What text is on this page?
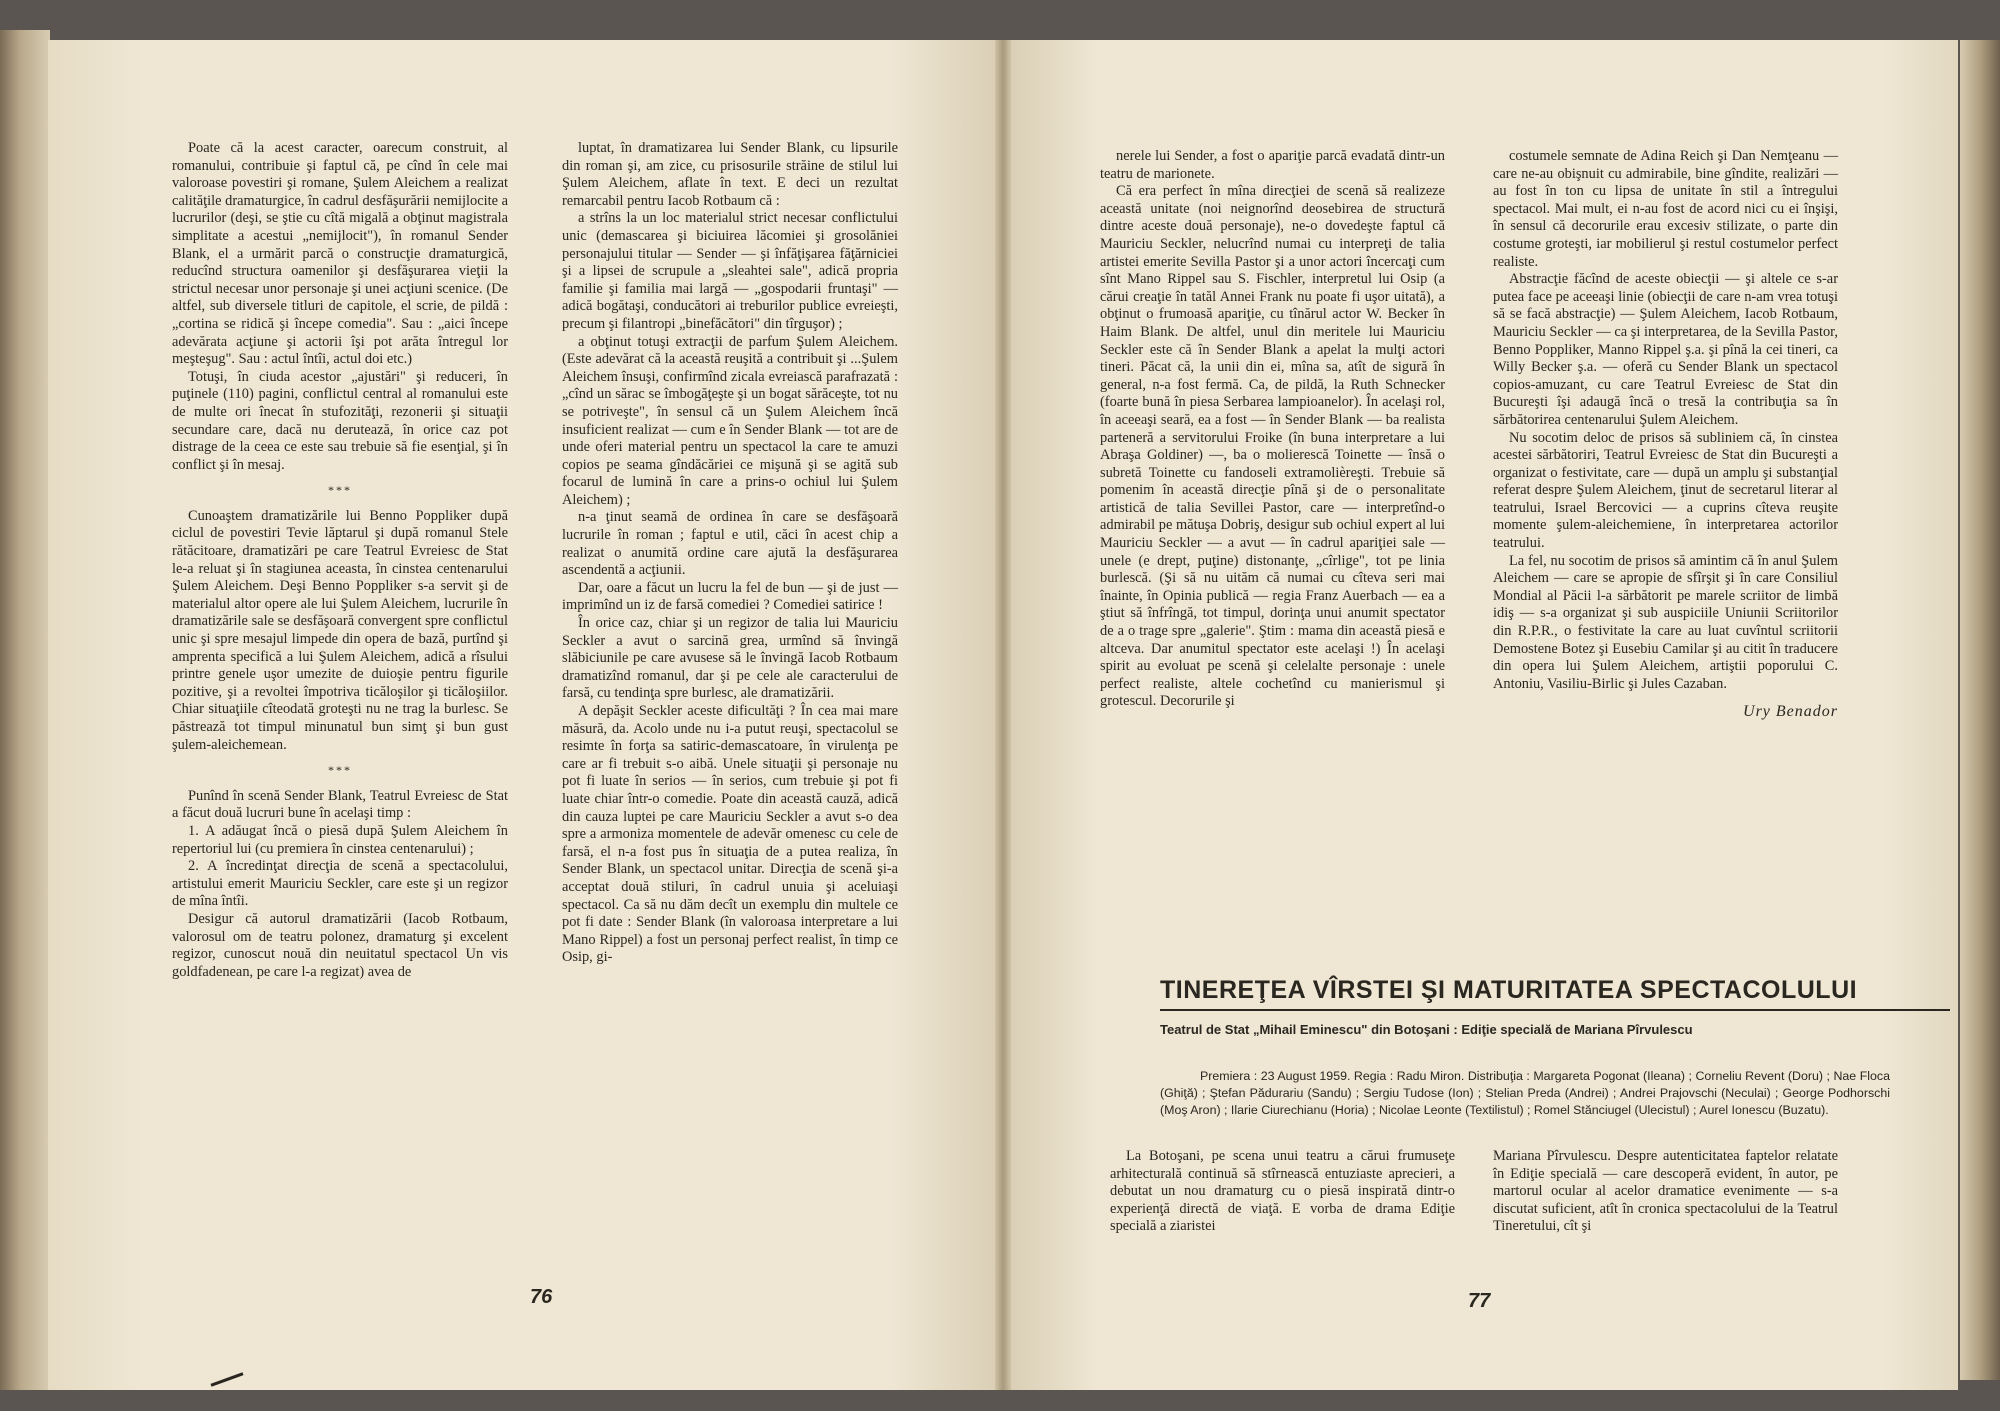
Poate că la acest caracter, oarecum construit, al romanului, contribuie şi faptul că, pe cînd în cele mai valoroase povestiri şi romane, Şulem Aleichem a realizat calităţile dramaturgice, în cadrul desfăşurării nemijlocite a lucrurilor (deşi, se ştie cu cîtă migală a obţinut magistrala simplitate a acestui „nemijlocit"), în romanul Sender Blank, el a urmărit parcă o construcţie dramaturgică, reducînd structura oamenilor şi desfăşurarea vieţii la strictul necesar unor personaje şi unei acţiuni scenice. (De altfel, sub diversele titluri de capitole, el scrie, de pildă : „cortina se ridică şi începe comedia". Sau : „aici începe adevărata acţiune şi actorii îşi pot arăta întregul lor meşteşug". Sau : actul întîi, actul doi etc.)

Totuşi, în ciuda acestor „ajustări" şi reduceri, în puţinele (110) pagini, conflictul central al romanului este de multe ori înecat în stufozităţi, rezonerii şi situaţii secundare care, dacă nu derutează, în orice caz pot distrage de la ceea ce este sau trebuie să fie esenţial, şi în conflict şi în mesaj.

***

Cunoaştem dramatizările lui Benno Poppliker după ciclul de povestiri Tevie lăptarul şi după romanul Stele rătăcitoare, dramatizări pe care Teatrul Evreiesc de Stat le-a reluat şi în stagiunea aceasta, în cinstea centenarului Şulem Aleichem. Deşi Benno Poppliker s-a servit şi de materialul altor opere ale lui Şulem Aleichem, lucrurile în dramatizările sale se desfăşoară convergent spre conflictul unic şi spre mesajul limpede din opera de bază, purtînd şi amprenta specifică a lui Şulem Aleichem, adică a rîsului printre genele uşor umezite de duioşie pentru figurile pozitive, şi a revoltei împotriva ticăloşilor şi ticăloşiilor. Chiar situaţiile cîteodată groteşti nu ne trag la burlesc. Se păstrează tot timpul minunatul bun simţ şi bun gust şulem-aleichemean.

***

Punînd în scenă Sender Blank, Teatrul Evreiesc de Stat a făcut două lucruri bune în acelaşi timp :

1. A adăugat încă o piesă după Şulem Aleichem în repertoriul lui (cu premiera în cinstea centenarului) ;

2. A încredinţat direcţia de scenă a spectacolului, artistului emerit Mauriciu Seckler, care este şi un regizor de mîna întîi.

Desigur că autorul dramatizării (Iacob Rotbaum, valorosul om de teatru polonez, dramaturg şi excelent regizor, cunoscut nouă din neuitatul spectacol Un vis goldfadenean, pe care l-a regizat) avea de

luptat, în dramatizarea lui Sender Blank, cu lipsurile din roman şi, am zice, cu prisosurile străine de stilul lui Şulem Aleichem, aflate în text. E deci un rezultat remarcabil pentru Iacob Rotbaum că :

a strîns la un loc materialul strict necesar conflictului unic (demascarea şi biciuirea lăcomiei şi grosolăniei personajului titular — Sender — şi înfăţişarea făţărniciei şi a lipsei de scrupule a „sleahtei sale", adică propria familie şi familia mai largă — „gospodarii fruntaşi" — adică bogătaşi, conducători ai treburilor publice evreieşti, precum şi filantropi „binefăcători" din tîrguşor) ;

a obţinut totuşi extracţii de parfum Şulem Aleichem. (Este adevărat că la această reuşită a contribuit şi ...Şulem Aleichem însuşi, confirmînd zicala evreiască parafrazată : „cînd un sărac se îmbogăţeşte şi un bogat sărăceşte, tot nu se potriveşte", în sensul că un Şulem Aleichem încă insuficient realizat — cum e în Sender Blank — tot are de unde oferi material pentru un spectacol la care te amuzi copios pe seama gîndăcăriei ce mişună şi se agită sub focarul de lumină în care a prins-o ochiul lui Şulem Aleichem) ;

n-a ţinut seamă de ordinea în care se desfăşoară lucrurile în roman ; faptul e util, căci în acest chip a realizat o anumită ordine care ajută la desfăşurarea ascendentă a acţiunii.

Dar, oare a făcut un lucru la fel de bun — şi de just — imprimînd un iz de farsă comediei ? Comediei satirice !

În orice caz, chiar şi un regizor de talia lui Mauriciu Seckler a avut o sarcină grea, urmînd să învingă slăbiciunile pe care avusese să le învingă Iacob Rotbaum dramatizînd romanul, dar şi pe cele ale caracterului de farsă, cu tendinţa spre burlesc, ale dramatizării.

A depăşit Seckler aceste dificultăţi ? În cea mai mare măsură, da. Acolo unde nu i-a putut reuşi, spectacolul se resimte în forţa sa satiric-demascatoare, în virulenţa pe care ar fi trebuit s-o aibă. Unele situaţii şi personaje nu pot fi luate în serios — în serios, cum trebuie şi pot fi luate chiar într-o comedie. Poate din această cauză, adică din cauza luptei pe care Mauriciu Seckler a avut s-o dea spre a armoniza momentele de adevăr omenesc cu cele de farsă, el n-a fost pus în situaţia de a putea realiza, în Sender Blank, un spectacol unitar. Direcţia de scenă şi-a acceptat două stiluri, în cadrul unuia şi aceluiaşi spectacol. Ca să nu dăm decît un exemplu din multele ce pot fi date : Sender Blank (în valoroasa interpretare a lui Mano Rippel) a fost un personaj perfect realist, în timp ce Osip, gi-

76

nerele lui Sender, a fost o apariţie parcă evadată dintr-un teatru de marionete.

Că era perfect în mîna direcţiei de scenă să realizeze această unitate (noi neignorînd deosebirea de structură dintre aceste două personaje), ne-o dovedeşte faptul că Mauriciu Seckler, nelucrînd numai cu interpreţi de talia artistei emerite Sevilla Pastor şi a unor actori încercaţi cum sînt Mano Rippel sau S. Fischler, interpretul lui Osip (a cărui creaţie în tatăl Annei Frank nu poate fi uşor uitată), a obţinut o frumoasă apariţie, cu tînărul actor W. Becker în Haim Blank. De altfel, unul din meritele lui Mauriciu Seckler este că în Sender Blank a apelat la mulţi actori tineri. Păcat că, la unii din ei, mîna sa, atît de sigură în general, n-a fost fermă. Ca, de pildă, la Ruth Schnecker (foarte bună în piesa Serbarea lampioanelor). În acelaşi rol, în aceeaşi seară, ea a fost — în Sender Blank — ba realista parteneră a servitorului Froike (în buna interpretare a lui Abraşa Goldiner) —, ba o molierescă Toinette — însă o subretă Toinette cu fandoseli extramolièreşti. Trebuie să pomenim în această direcţie pînă şi de o personalitate artistică de talia Sevillei Pastor, care — interpretînd-o admirabil pe mătuşa Dobriş, desigur sub ochiul expert al lui Mauriciu Seckler — a avut — în cadrul apariţiei sale — unele (e drept, puţine) distonanţe, „cîrlige", tot pe linia burlescă. (Şi să nu uităm că numai cu cîteva seri mai înainte, în Opinia publică — regia Franz Auerbach — ea a ştiut să înfrîngă, tot timpul, dorinţa unui anumit spectator de a o trage spre „galerie". Ştim : mama din această piesă e altceva. Dar anumitul spectator este acelaşi !) În acelaşi spirit au evoluat pe scenă şi celelalte personaje : unele perfect realiste, altele cochetînd cu manierismul şi grotescul. Decorurile şi

costumele semnate de Adina Reich şi Dan Nemţeanu — care ne-au obişnuit cu admirabile, bine gîndite, realizări — au fost în ton cu lipsa de unitate în stil a întregului spectacol. Mai mult, ei n-au fost de acord nici cu ei înşişi, în sensul că decorurile erau excesiv stilizate, o parte din costume groteşti, iar mobilierul şi restul costumelor perfect realiste.

Abstracţie făcînd de aceste obiecţii — şi altele ce s-ar putea face pe aceeaşi linie (obiecţii de care n-am vrea totuşi să se facă abstracţie) — Şulem Aleichem, Iacob Rotbaum, Mauriciu Seckler — ca şi interpretarea, de la Sevilla Pastor, Benno Poppliker, Manno Rippel ş.a. şi pînă la cei tineri, ca Willy Becker ş.a. — oferă cu Sender Blank un spectacol copios-amuzant, cu care Teatrul Evreiesc de Stat din Bucureşti îşi adaugă încă o tresă la contribuţia sa în sărbătorirea centenarului Şulem Aleichem.

Nu socotim deloc de prisos să subliniem că, în cinstea acestei sărbătoriri, Teatrul Evreiesc de Stat din Bucureşti a organizat o festivitate, care — după un amplu şi substanţial referat despre Şulem Aleichem, ţinut de secretarul literar al teatrului, Israel Bercovici — a cuprins cîteva reuşite momente şulem-aleichemiene, în interpretarea actorilor teatrului.

La fel, nu socotim de prisos să amintim că în anul Şulem Aleichem — care se apropie de sfîrşit şi în care Consiliul Mondial al Păcii l-a sărbătorit pe marele scriitor de limbă idiş — s-a organizat şi sub auspiciile Uniunii Scriitorilor din R.P.R., o festivitate la care au luat cuvîntul scriitorii Demostene Botez şi Eusebiu Camilar şi au citit în traducere din opera lui Şulem Aleichem, artiştii poporului C. Antoniu, Vasiliu-Birlic şi Jules Cazaban.

Ury Benador

TINEREŢEA VÎRSTEI ŞI MATURITATEA SPECTACOLULUI
Teatrul de Stat „Mihail Eminescu" din Botoşani : Ediţie specială de Mariana Pîrvulescu
Premiera : 23 August 1959. Regia : Radu Miron. Distribuţia : Margareta Pogonat (Ileana) ; Corneliu Revent (Doru) ; Nae Floca (Ghiţă) ; Ştefan Pădurariu (Sandu) ; Sergiu Tudose (Ion) ; Stelian Preda (Andrei) ; Andrei Prajovschi (Neculai) ; George Podhorschi (Moş Aron) ; Ilarie Ciurechianu (Horia) ; Nicolae Leonte (Textilistul) ; Romel Stănciugel (Ulecistul) ; Aurel Ionescu (Buzatu).

La Botoşani, pe scena unui teatru a cărui frumuseţe arhitecturală continuă să stîrnească entuziaste aprecieri, a debutat un nou dramaturg cu o piesă inspirată dintr-o experienţă directă de viaţă. E vorba de drama Ediţie specială a ziaristei

Mariana Pîrvulescu. Despre autenticitatea faptelor relatate în Ediţie specială — care descoperă evident, în autor, pe martorul ocular al acelor dramatice evenimente — s-a discutat suficient, atît în cronica spectacolului de la Teatrul Tineretului, cît şi

77
